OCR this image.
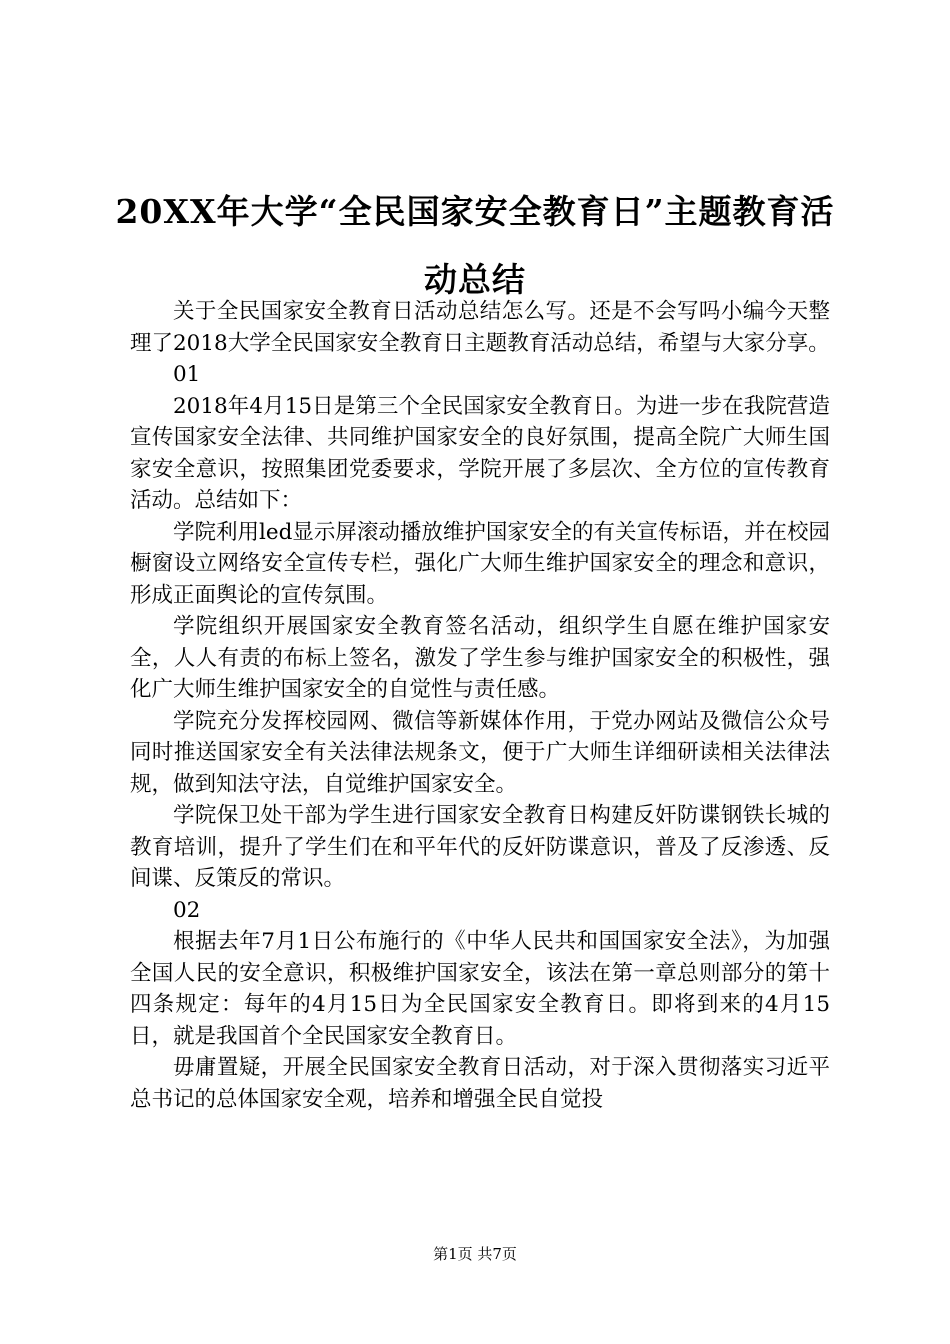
20XX年大学“全民国家安全教育日”主题教育活动总结

关于全民国家安全教育日活动总结怎么写。还是不会写吗小编今天整理了2018大学全民国家安全教育日主题教育活动总结，希望与大家分享。

01

2018年4月15日是第三个全民国家安全教育日。为进一步在我院营造宣传国家安全法律、共同维护国家安全的良好氛围，提高全院广大师生国家安全意识，按照集团党委要求，学院开展了多层次、全方位的宣传教育活动。总结如下：

学院利用led显示屏滚动播放维护国家安全的有关宣传标语，并在校园橱窗设立网络安全宣传专栏，强化广大师生维护国家安全的理念和意识，形成正面舆论的宣传氛围。

学院组织开展国家安全教育签名活动，组织学生自愿在维护国家安全，人人有责的布标上签名，激发了学生参与维护国家安全的积极性，强化广大师生维护国家安全的自觉性与责任感。

学院充分发挥校园网、微信等新媒体作用，于党办网站及微信公众号同时推送国家安全有关法律法规条文，便于广大师生详细研读相关法律法规，做到知法守法，自觉维护国家安全。

学院保卫处干部为学生进行国家安全教育日构建反奸防谍钢铁长城的教育培训，提升了学生们在和平年代的反奸防谍意识，普及了反渗透、反间谍、反策反的常识。

02

根据去年7月1日公布施行的《中华人民共和国国家安全法》，为加强全国人民的安全意识，积极维护国家安全，该法在第一章总则部分的第十四条规定：每年的4月15日为全民国家安全教育日。即将到来的4月15日，就是我国首个全民国家安全教育日。

毋庸置疑，开展全民国家安全教育日活动，对于深入贯彻落实习近平总书记的总体国家安全观，培养和增强全民自觉投

第1页 共7页
